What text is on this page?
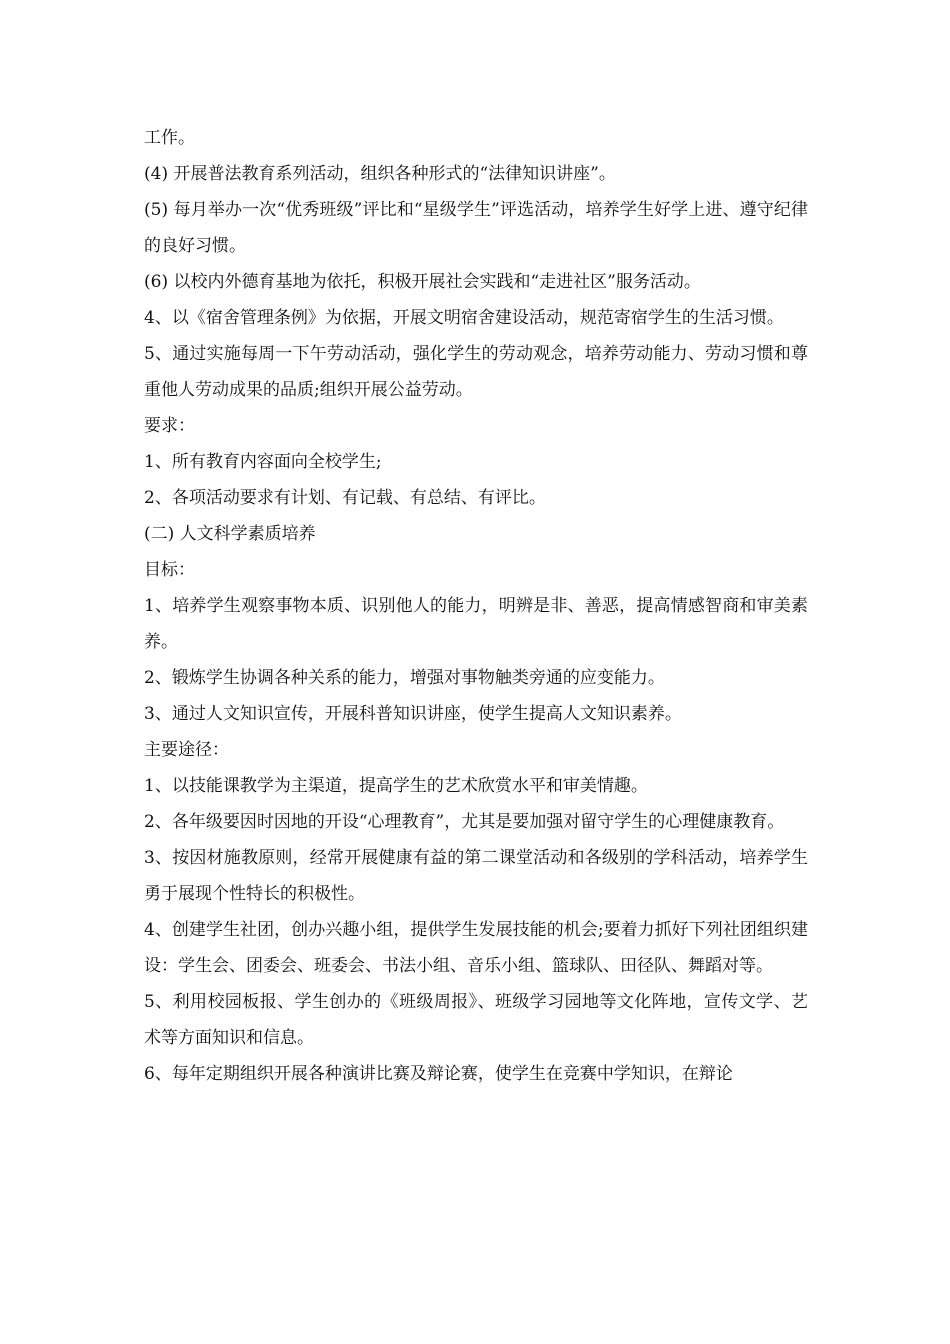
工作。

(4) 开展普法教育系列活动，组织各种形式的“法律知识讲座”。

(5) 每月举办一次“优秀班级”评比和“星级学生”评选活动，培养学生好学上进、遵守纪律的良好习惯。

(6) 以校内外德育基地为依托，积极开展社会实践和“走进社区”服务活动。

4、以《宿舍管理条例》为依据，开展文明宿舍建设活动，规范寄宿学生的生活习惯。

5、通过实施每周一下午劳动活动，强化学生的劳动观念，培养劳动能力、劳动习惯和尊重他人劳动成果的品质;组织开展公益劳动。

要求：

1、所有教育内容面向全校学生;

2、各项活动要求有计划、有记载、有总结、有评比。

(二) 人文科学素质培养

目标：

1、培养学生观察事物本质、识别他人的能力，明辨是非、善恶，提高情感智商和审美素养。

2、锻炼学生协调各种关系的能力，增强对事物触类旁通的应变能力。

3、通过人文知识宣传，开展科普知识讲座，使学生提高人文知识素养。

主要途径：

1、以技能课教学为主渠道，提高学生的艺术欣赏水平和审美情趣。

2、各年级要因时因地的开设“心理教育”，尤其是要加强对留守学生的心理健康教育。

3、按因材施教原则，经常开展健康有益的第二课堂活动和各级别的学科活动，培养学生勇于展现个性特长的积极性。

4、创建学生社团，创办兴趣小组，提供学生发展技能的机会;要着力抓好下列社团组织建设：学生会、团委会、班委会、书法小组、音乐小组、篮球队、田径队、舞蹈对等。

5、利用校园板报、学生创办的《班级周报》、班级学习园地等文化阵地，宣传文学、艺术等方面知识和信息。

6、每年定期组织开展各种演讲比赛及辩论赛，使学生在竞赛中学知识，在辩论
